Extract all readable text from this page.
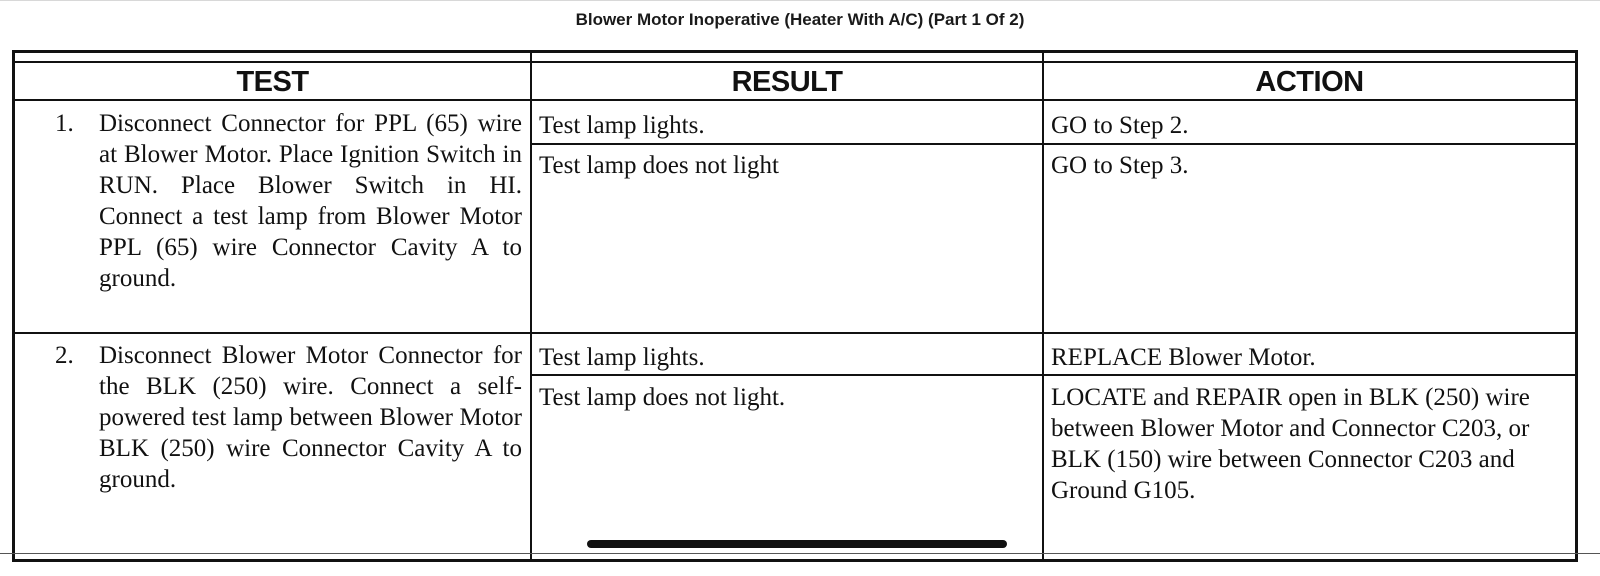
Blower Motor Inoperative (Heater With A/C) (Part 1 Of 2)
TEST	RESULT	ACTION
1.	Disconnect Connector for PPL (65) wire at Blower Motor. Place Ignition Switch in RUN. Place Blower Switch in HI. Connect a test lamp from Blower Motor PPL (65) wire Connector Cavity A to ground.
Test lamp lights.	GO to Step 2.
Test lamp does not light	GO to Step 3.
2.	Disconnect Blower Motor Connector for the BLK (250) wire. Connect a self-powered test lamp between Blower Motor BLK (250) wire Connector Cavity A to ground.
Test lamp lights.	REPLACE Blower Motor.
Test lamp does not light.	LOCATE and REPAIR open in BLK (250) wire between Blower Motor and Connector C203, or BLK (150) wire between Connector C203 and Ground G105.
